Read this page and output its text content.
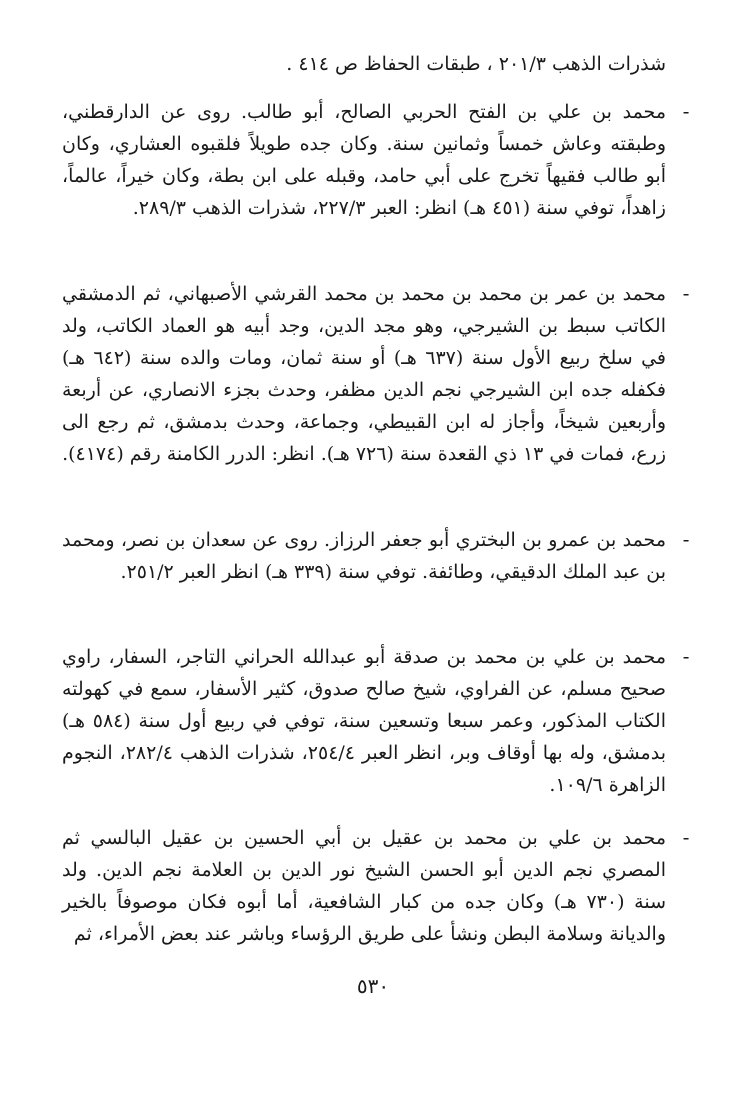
شذرات الذهب ٢٠١/٣ ، طبقات الحفاظ ص ٤١٤ .
-
محمد بن علي بن الفتح الحربي الصالح، أبو طالب. روى عن الدارقطني، وطبقته وعاش خمساً وثمانين سنة. وكان جده طويلاً فلقبوه العشاري، وكان أبو طالب فقيهاً تخرج على أبي حامد، وقبله على ابن بطة، وكان خيراً، عالماً، زاهداً، توفي سنة (٤٥١ هـ) انظر: العبر ٢٢٧/٣، شذرات الذهب ٢٨٩/٣.
-
محمد بن عمر بن محمد بن محمد بن محمد القرشي الأصبهاني، ثم الدمشقي الكاتب سبط بن الشيرجي، وهو مجد الدين، وجد أبيه هو العماد الكاتب، ولد في سلخ ربيع الأول سنة (٦٣٧ هـ) أو سنة ثمان، ومات والده سنة (٦٤٢ هـ) فكفله جده ابن الشيرجي نجم الدين مظفر، وحدث بجزء الانصاري، عن أربعة وأربعين شيخاً، وأجاز له ابن القبيطي، وجماعة، وحدث بدمشق، ثم رجع الى زرع، فمات في ١٣ ذي القعدة سنة (٧٢٦ هـ). انظر: الدرر الكامنة رقم (٤١٧٤).
-
محمد بن عمرو بن البختري أبو جعفر الرزاز. روى عن سعدان بن نصر، ومحمد بن عبد الملك الدقيقي، وطائفة. توفي سنة (٣٣٩ هـ) انظر العبر ٢٥١/٢.
-
محمد بن علي بن محمد بن صدقة أبو عبدالله الحراني التاجر، السفار، راوي صحيح مسلم، عن الفراوي، شيخ صالح صدوق، كثير الأسفار، سمع في كهولته الكتاب المذكور، وعمر سبعا وتسعين سنة، توفي في ربيع أول سنة (٥٨٤ هـ) بدمشق، وله بها أوقاف وبر، انظر العبر ٢٥٤/٤، شذرات الذهب ٢٨٢/٤، النجوم الزاهرة ١٠٩/٦.
-
محمد بن علي بن محمد بن عقيل بن أبي الحسين بن عقيل البالسي ثم المصري نجم الدين أبو الحسن الشيخ نور الدين بن العلامة نجم الدين. ولد سنة (٧٣٠ هـ) وكان جده من كبار الشافعية، أما أبوه فكان موصوفاً بالخير والديانة وسلامة البطن ونشأ على طريق الرؤساء وباشر عند بعض الأمراء، ثم
٥٣٠
